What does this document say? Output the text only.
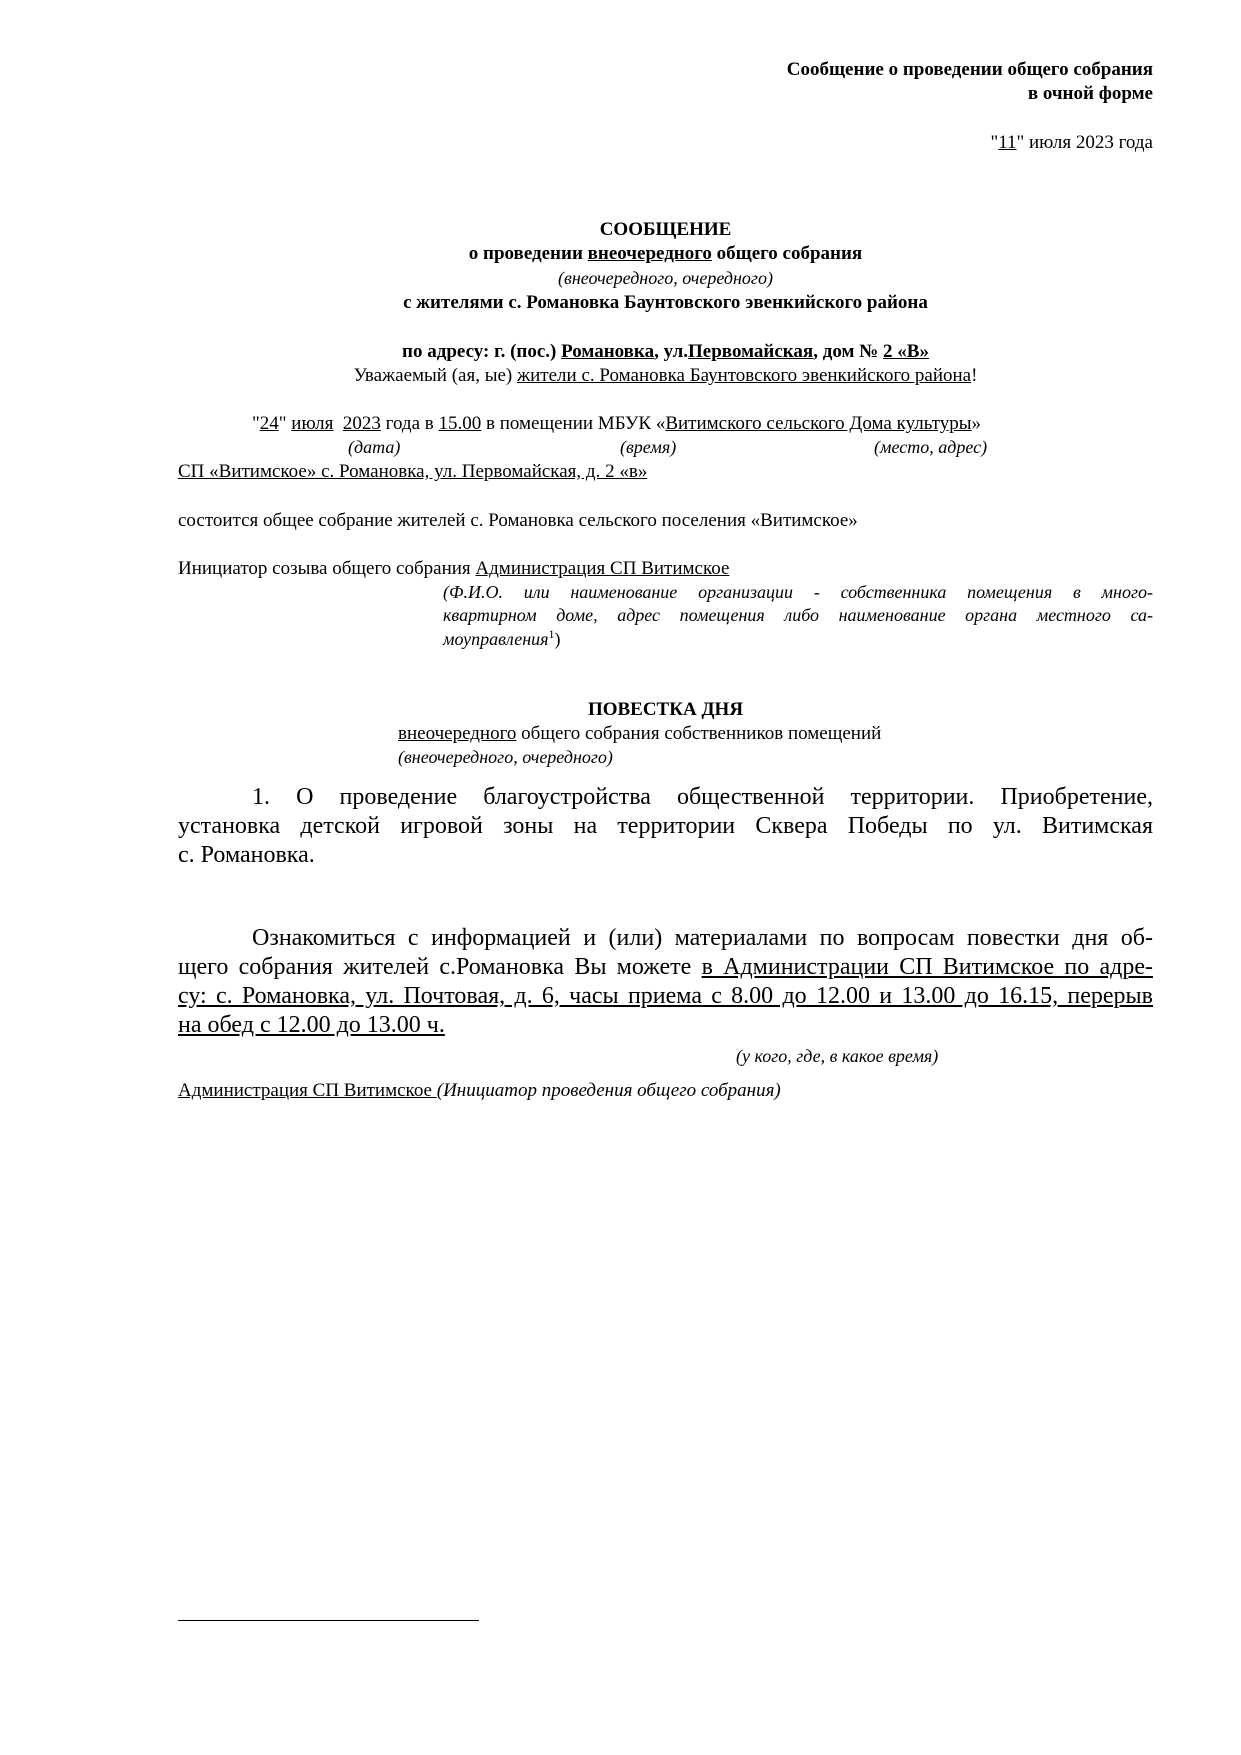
Сообщение о проведении общего собрания
в очной форме
"11" июля 2023 года
СООБЩЕНИЕ
о проведении внеочередного общего собрания
(внеочередного, очередного)
с жителями с. Романовка Баунтовского эвенкийского района
по адресу: г. (пос.) Романовка, ул.Первомайская, дом № 2 «В»
Уважаемый (ая, ые) жители с. Романовка Баунтовского эвенкийского района!
"24" июля 2023 года в 15.00 в помещении МБУК «Витимского сельского Дома культуры»
(дата)	(время)	(место, адрес)
СП «Витимское» с. Романовка, ул. Первомайская, д. 2 «в»
состоится общее собрание жителей с. Романовка сельского поселения «Витимское»
Инициатор созыва общего собрания Администрация СП Витимское
(Ф.И.О. или наименование организации - собственника помещения в много-
квартирном доме, адрес помещения либо наименование органа местного са-
моуправления$^1$)
ПОВЕСТКА ДНЯ
внеочередного общего собрания собственников помещений
(внеочередного, очередного)
1. О проведение благоустройства общественной территории. Приобретение,
установка детской игровой зоны на территории Сквера Победы по ул. Витимская
с. Романовка.
Ознакомиться с информацией и (или) материалами по вопросам повестки дня об-
щего собрания жителей с.Романовка Вы можете в Администрации СП Витимское по адре-
су: с. Романовка, ул. Почтовая, д. 6, часы приема с 8.00 до 12.00 и 13.00 до 16.15, перерыв
на обед с 12.00 до 13.00 ч.
(у кого, где, в какое время)
Администрация СП Витимское (Инициатор проведения общего собрания)
